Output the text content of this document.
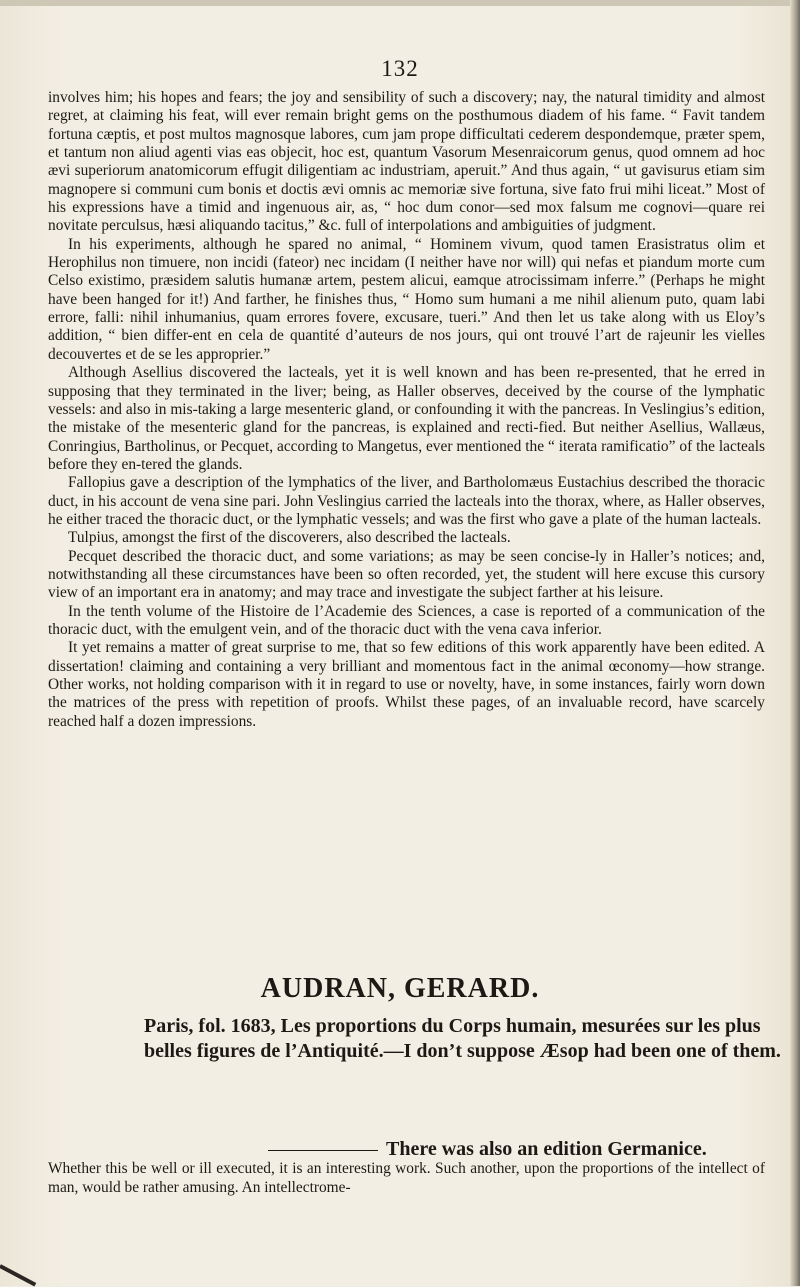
132

involves him; his hopes and fears; the joy and sensibility of such a discovery; nay, the natural timidity and almost regret, at claiming his feat, will ever remain bright gems on the posthumous diadem of his fame. “ Favit tandem fortuna cæptis, et post multos magnosque labores, cum jam prope difficultati cederem despondemque, præter spem, et tantum non aliud agenti vias eas objecit, hoc est, quantum Vasorum Mesenraicorum genus, quod omnem ad hoc ævi superiorum anatomicorum effugit diligentiam ac industriam, aperuit.” And thus again, “ ut gavisurus etiam sim magnopere si communi cum bonis et doctis ævi omnis ac memoriæ sive fortuna, sive fato frui mihi liceat.” Most of his expressions have a timid and ingenuous air, as, “ hoc dum conor—sed mox falsum me cognovi—quare rei novitate perculsus, hæsi aliquando tacitus,” &c. full of interpolations and ambiguities of judgment.

In his experiments, although he spared no animal, “ Hominem vivum, quod tamen Erasistratus olim et Herophilus non timuere, non incidi (fateor) nec incidam (I neither have nor will) qui nefas et piandum morte cum Celso existimo, præsidem salutis humanæ artem, pestem alicui, eamque atrocissimam inferre.” (Perhaps he might have been hanged for it!) And farther, he finishes thus, “ Homo sum humani a me nihil alienum puto, quam labi errore, falli: nihil inhumanius, quam errores fovere, excusare, tueri.” And then let us take along with us Eloy’s addition, “ bien differ-ent en cela de quantité d’auteurs de nos jours, qui ont trouvé l’art de rajeunir les vielles decouvertes et de se les approprier.”

Although Asellius discovered the lacteals, yet it is well known and has been re-presented, that he erred in supposing that they terminated in the liver; being, as Haller observes, deceived by the course of the lymphatic vessels: and also in mis-taking a large mesenteric gland, or confounding it with the pancreas. In Veslingius’s edition, the mistake of the mesenteric gland for the pancreas, is explained and recti-fied. But neither Asellius, Wallæus, Conringius, Bartholinus, or Pecquet, according to Mangetus, ever mentioned the “ iterata ramificatio” of the lacteals before they en-tered the glands.

Fallopius gave a description of the lymphatics of the liver, and Bartholomæus Eustachius described the thoracic duct, in his account de vena sine pari. John Veslingius carried the lacteals into the thorax, where, as Haller observes, he either traced the thoracic duct, or the lymphatic vessels; and was the first who gave a plate of the human lacteals.

Tulpius, amongst the first of the discoverers, also described the lacteals.

Pecquet described the thoracic duct, and some variations; as may be seen concise-ly in Haller’s notices; and, notwithstanding all these circumstances have been so often recorded, yet, the student will here excuse this cursory view of an important era in anatomy; and may trace and investigate the subject farther at his leisure.

In the tenth volume of the Histoire de l’Academie des Sciences, a case is reported of a communication of the thoracic duct, with the emulgent vein, and of the thoracic duct with the vena cava inferior.

It yet remains a matter of great surprise to me, that so few editions of this work apparently have been edited. A dissertation! claiming and containing a very brilliant and momentous fact in the animal œconomy—how strange. Other works, not holding comparison with it in regard to use or novelty, have, in some instances, fairly worn down the matrices of the press with repetition of proofs. Whilst these pages, of an invaluable record, have scarcely reached half a dozen impressions.

AUDRAN, GERARD.
Paris, fol. 1683, Les proportions du Corps humain, mesurées sur les plus belles figures de l’Antiquité.—I don’t suppose Æsop had been one of them.
There was also an edition Germanice.
Whether this be well or ill executed, it is an interesting work. Such another, upon the proportions of the intellect of man, would be rather amusing. An intellectrome-
